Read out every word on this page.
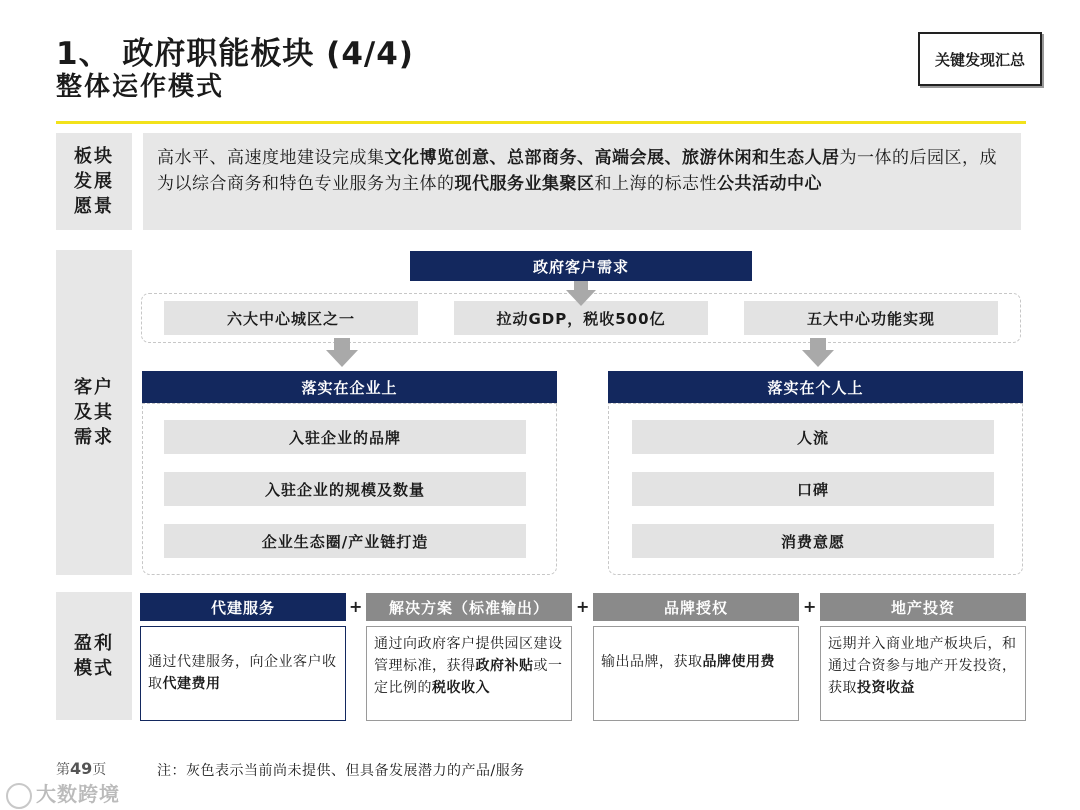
1、 政府职能板块 (4/4)
整体运作模式
关键发现汇总
板块
发展
愿景
高水平、高速度地建设完成集文化博览创意、总部商务、高端会展、旅游休闲和生态人居为一体的后园区，成为以综合商务和特色专业服务为主体的现代服务业集聚区和上海的标志性公共活动中心
客户
及其
需求
政府客户需求
六大中心城区之一	拉动GDP，税收500亿	五大中心功能实现
落实在企业上
入驻企业的品牌
入驻企业的规模及数量
企业生态圈/产业链打造
落实在个人上
人流
口碑
消费意愿
盈利
模式
代建服务
通过代建服务，向企业客户收取代建费用
+	解决方案（标准输出）
通过向政府客户提供园区建设管理标准，获得政府补贴或一定比例的税收收入
+	品牌授权
输出品牌，获取品牌使用费
+	地产投资
远期并入商业地产板块后，和通过合资参与地产开发投资，获取投资收益
第49页	注：灰色表示当前尚未提供、但具备发展潜力的产品/服务
大数跨境
